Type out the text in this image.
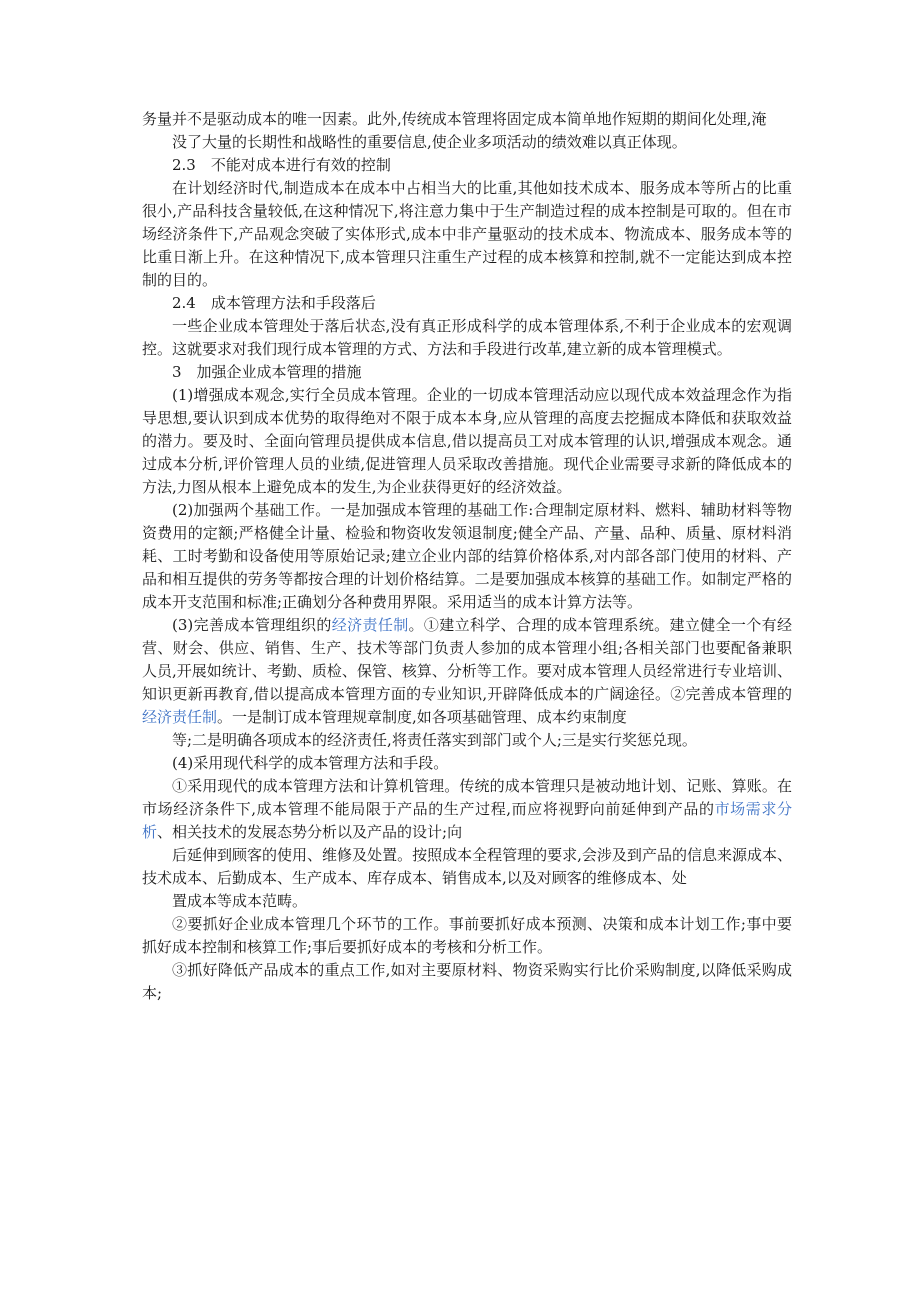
务量并不是驱动成本的唯一因素。此外,传统成本管理将固定成本简单地作短期的期间化处理,淹

没了大量的长期性和战略性的重要信息,使企业多项活动的绩效难以真正体现。

2.3　不能对成本进行有效的控制

在计划经济时代,制造成本在成本中占相当大的比重,其他如技术成本、服务成本等所占的比重很小,产品科技含量较低,在这种情况下,将注意力集中于生产制造过程的成本控制是可取的。但在市场经济条件下,产品观念突破了实体形式,成本中非产量驱动的技术成本、物流成本、服务成本等的比重日渐上升。在这种情况下,成本管理只注重生产过程的成本核算和控制,就不一定能达到成本控制的目的。

2.4　成本管理方法和手段落后

一些企业成本管理处于落后状态,没有真正形成科学的成本管理体系,不利于企业成本的宏观调控。这就要求对我们现行成本管理的方式、方法和手段进行改革,建立新的成本管理模式。

3　加强企业成本管理的措施

(1)增强成本观念,实行全员成本管理。企业的一切成本管理活动应以现代成本效益理念作为指导思想,要认识到成本优势的取得绝对不限于成本本身,应从管理的高度去挖掘成本降低和获取效益的潜力。要及时、全面向管理员提供成本信息,借以提高员工对成本管理的认识,增强成本观念。通过成本分析,评价管理人员的业绩,促进管理人员采取改善措施。现代企业需要寻求新的降低成本的方法,力图从根本上避免成本的发生,为企业获得更好的经济效益。

(2)加强两个基础工作。一是加强成本管理的基础工作:合理制定原材料、燃料、辅助材料等物资费用的定额;严格健全计量、检验和物资收发领退制度;健全产品、产量、品种、质量、原材料消耗、工时考勤和设备使用等原始记录;建立企业内部的结算价格体系,对内部各部门使用的材料、产品和相互提供的劳务等都按合理的计划价格结算。二是要加强成本核算的基础工作。如制定严格的成本开支范围和标准;正确划分各种费用界限。采用适当的成本计算方法等。

(3)完善成本管理组织的经济责任制。①建立科学、合理的成本管理系统。建立健全一个有经营、财会、供应、销售、生产、技术等部门负责人参加的成本管理小组;各相关部门也要配备兼职人员,开展如统计、考勤、质检、保管、核算、分析等工作。要对成本管理人员经常进行专业培训、知识更新再教育,借以提高成本管理方面的专业知识,开辟降低成本的广阔途径。②完善成本管理的经济责任制。一是制订成本管理规章制度,如各项基础管理、成本约束制度

等;二是明确各项成本的经济责任,将责任落实到部门或个人;三是实行奖惩兑现。

(4)采用现代科学的成本管理方法和手段。

①采用现代的成本管理方法和计算机管理。传统的成本管理只是被动地计划、记账、算账。在市场经济条件下,成本管理不能局限于产品的生产过程,而应将视野向前延伸到产品的市场需求分析、相关技术的发展态势分析以及产品的设计;向

后延伸到顾客的使用、维修及处置。按照成本全程管理的要求,会涉及到产品的信息来源成本、技术成本、后勤成本、生产成本、库存成本、销售成本,以及对顾客的维修成本、处

置成本等成本范畴。

②要抓好企业成本管理几个环节的工作。事前要抓好成本预测、决策和成本计划工作;事中要抓好成本控制和核算工作;事后要抓好成本的考核和分析工作。

③抓好降低产品成本的重点工作,如对主要原材料、物资采购实行比价采购制度,以降低采购成本;
